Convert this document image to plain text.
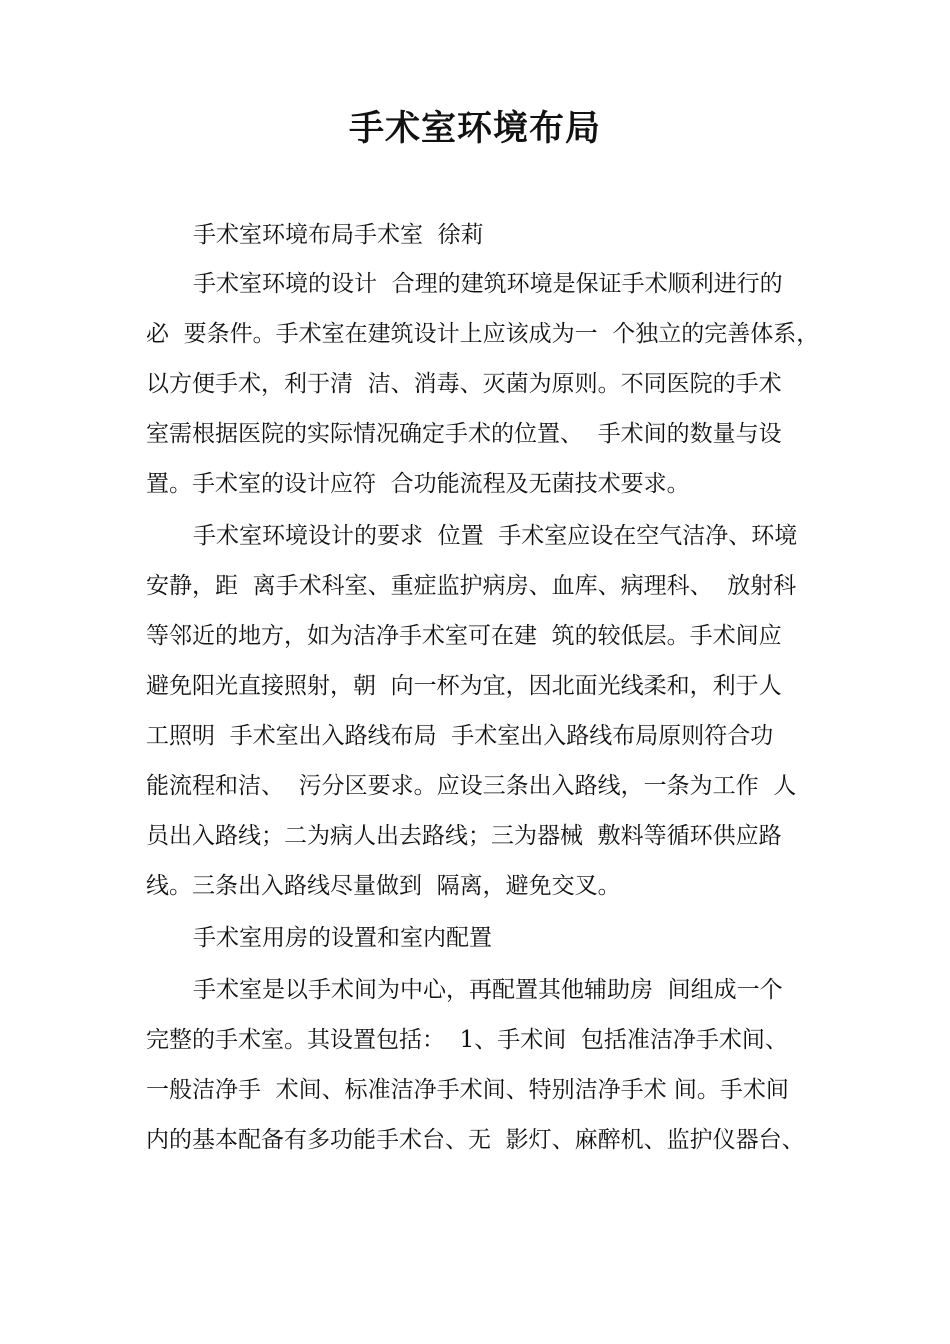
手术室环境布局
手术室环境布局手术室  徐莉
手术室环境的设计  合理的建筑环境是保证手术顺利进行的
必  要条件。手术室在建筑设计上应该成为一  个独立的完善体系，
以方便手术，利于清  洁、消毒、灭菌为原则。不同医院的手术
室需根据医院的实际情况确定手术的位置、  手术间的数量与设
置。手术室的设计应符  合功能流程及无菌技术要求。
手术室环境设计的要求  位置  手术室应设在空气洁净、环境
安静，距  离手术科室、重症监护病房、血库、病理科、  放射科
等邻近的地方，如为洁净手术室可在建  筑的较低层。手术间应
避免阳光直接照射，朝  向一杯为宜，因北面光线柔和，利于人
工照明  手术室出入路线布局  手术室出入路线布局原则符合功
能流程和洁、  污分区要求。应设三条出入路线，一条为工作  人
员出入路线；二为病人出去路线；三为器械  敷料等循环供应路
线。三条出入路线尽量做到  隔离，避免交叉。
手术室用房的设置和室内配置
手术室是以手术间为中心，再配置其他辅助房  间组成一个
完整的手术室。其设置包括：  1、手术间  包括准洁净手术间、
一般洁净手  术间、标准洁净手术间、特别洁净手术 间。手术间
内的基本配备有多功能手术台、无  影灯、麻醉机、监护仪器台、
